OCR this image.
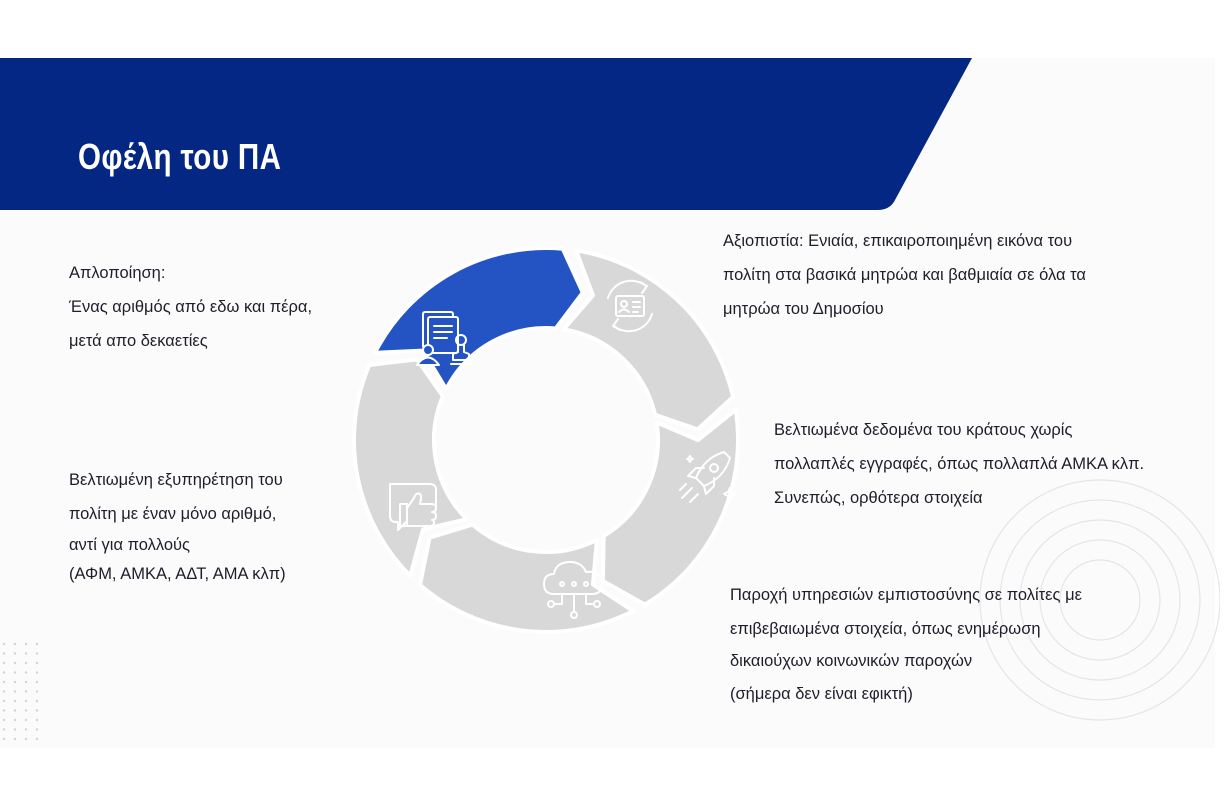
Οφέλη του ΠΑ

Απλοποίηση:
Ένας αριθμός από εδω και πέρα,
μετά απο δεκαετίες

Βελτιωμένη εξυπηρέτηση του
πολίτη με έναν μόνο αριθμό,
αντί για πολλούς
(ΑΦΜ, ΑΜΚΑ, ΑΔΤ, ΑΜΑ κλπ)

Αξιοπιστία: Ενιαία, επικαιροποιημένη εικόνα του
πολίτη στα βασικά μητρώα και βαθμιαία σε όλα τα
μητρώα του Δημοσίου

Βελτιωμένα δεδομένα του κράτους χωρίς
πολλαπλές εγγραφές, όπως πολλαπλά ΑΜΚΑ κλπ.
Συνεπώς, ορθότερα στοιχεία

Παροχή υπηρεσιών εμπιστοσύνης σε πολίτες με
επιβεβαιωμένα στοιχεία, όπως ενημέρωση
δικαιούχων κοινωνικών παροχών
(σήμερα δεν είναι εφικτή)
